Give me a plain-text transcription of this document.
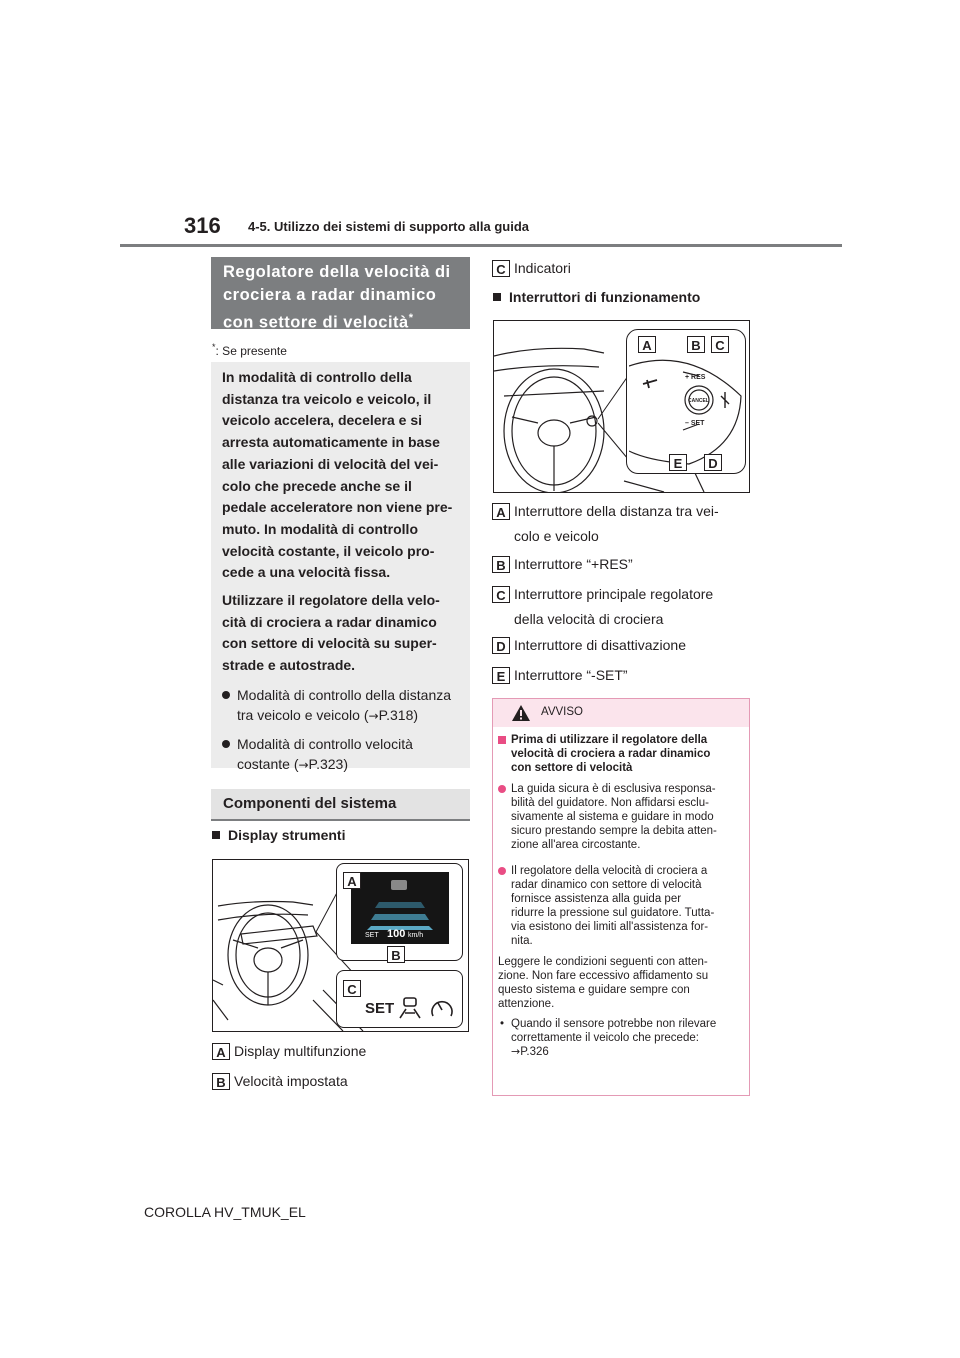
316 4-5. Utilizzo dei sistemi di supporto alla guida
Regolatore della velocità di
crociera a radar dinamico
con settore di velocità*
*: Se presente

In modalità di controllo della
distanza tra veicolo e veicolo, il
veicolo accelera, decelera e si
arresta automaticamente in base
alle variazioni di velocità del vei-
colo che precede anche se il
pedale acceleratore non viene pre-
muto. In modalità di controllo
velocità costante, il veicolo pro-
cede a una velocità fissa.

Utilizzare il regolatore della velo-
cità di crociera a radar dinamico
con settore di velocità su super-
strade e autostrade.

Modalità di controllo della distanza
tra veicolo e veicolo (→P.318)
Modalità di controllo velocità
costante (→P.323)
Componenti del sistema
Display strumenti
SET 100 km/h
A
B
C
SET
A Display multifunzione
B Velocità impostata
C Indicatori
Interruttori di funzionamento
+ RES
CANCEL
– SET
A	B	C
E	D
A Interruttore della distanza tra vei-
colo e veicolo
B Interruttore “+RES”
C Interruttore principale regolatore
della velocità di crociera
D Interruttore di disattivazione
E Interruttore “-SET”
AVVISO
Prima di utilizzare il regolatore della
velocità di crociera a radar dinamico
con settore di velocità
La guida sicura è di esclusiva responsa-
bilità del guidatore. Non affidarsi esclu-
sivamente al sistema e guidare in modo
sicuro prestando sempre la debita atten-
zione all'area circostante.
Il regolatore della velocità di crociera a
radar dinamico con settore di velocità
fornisce assistenza alla guida per
ridurre la pressione sul guidatore. Tutta-
via esistono dei limiti all'assistenza for-
nita.
Leggere le condizioni seguenti con atten-
zione. Non fare eccessivo affidamento su
questo sistema e guidare sempre con
attenzione.
• Quando il sensore potrebbe non rilevare
correttamente il veicolo che precede:
→P.326
COROLLA HV_TMUK_EL
